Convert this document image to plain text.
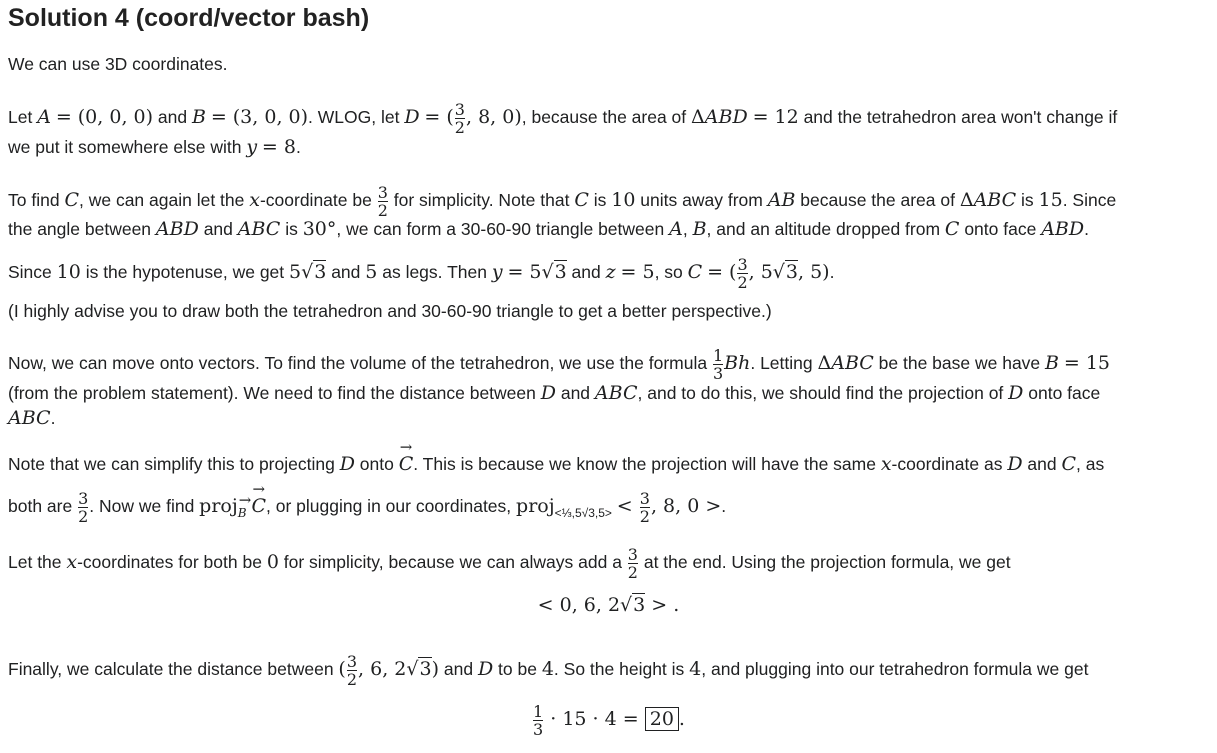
Solution 4 (coord/vector bash)
We can use 3D coordinates.
Let A = (0, 0, 0) and B = (3, 0, 0). WLOG, let D = ( $\frac{3}{2}$ , 8, 0), because the area of ΔABD = 12 and the tetrahedron area won't change if
we put it somewhere else with y = 8.
To find C, we can again let the x-coordinate be $\frac{3}{2}$ for simplicity. Note that C is 10 units away from AB because the area of ΔABC is 15. Since
the angle between ABD and ABC is 30°, we can form a 30-60-90 triangle between A, B, and an altitude dropped from C onto face ABD.
Since 10 is the hypotenuse, we get 5√3 and 5 as legs. Then y = 5√3 and z = 5, so C = ( $\frac{3}{2}$ , 5√3, 5).
(I highly advise you to draw both the tetrahedron and 30-60-90 triangle to get a better perspective.)
Now, we can move onto vectors. To find the volume of the tetrahedron, we use the formula $\frac{1}{3} Bh$. Letting ΔABC be the base we have B = 15
(from the problem statement). We need to find the distance between D and ABC, and to do this, we should find the projection of D onto face
ABC.
Note that we can simplify this to projecting D onto → C. This is because we know the projection will have the same x-coordinate as D and C, as
both are $\frac{3}{2}$ . Now we find proj→ B → C, or plugging in our coordinates, proj$_{<\frac{1}{3}​,5√3,5>}$ < $\frac{3}{2}$ , 8, 0 >.
Let the x-coordinates for both be 0 for simplicity, because we can always add a $\frac{3}{2}$ at the end. Using the projection formula, we get
< 0, 6, 2√3 > .
Finally, we calculate the distance between ( $\frac{3}{2}$ , 6, 2√3) and D to be 4. So the height is 4, and plugging into our tetrahedron formula we get
$\frac{1}{3} \cdot 15 \cdot 4 = 20$ .
